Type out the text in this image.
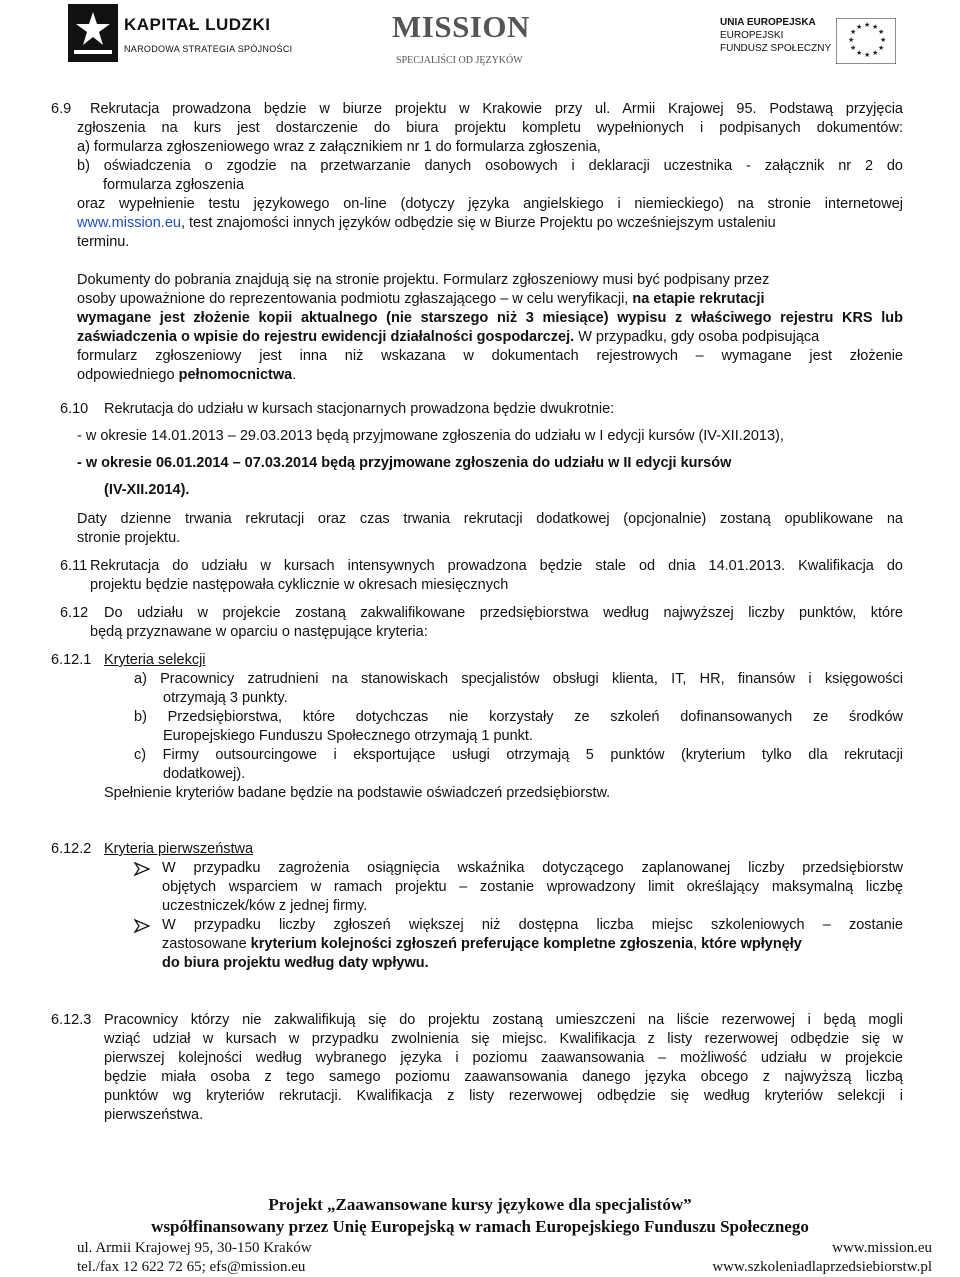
KAPITAŁ LUDZKI
NARODOWA STRATEGIA SPÓJNOŚCI
MISSION
SPECJALIŚCI OD JĘZYKÓW
UNIA EUROPEJSKA
EUROPEJSKI
FUNDUSZ SPOŁECZNY
★ ★
★
★
★
★
★
★
★
★
★
★
6.9 Rekrutacja prowadzona będzie w biurze projektu w Krakowie przy ul. Armii Krajowej 95. Podstawą przyjęcia
zgłoszenia na kurs jest dostarczenie do biura projektu kompletu wypełnionych i podpisanych dokumentów:
a) formularza zgłoszeniowego wraz z załącznikiem nr 1 do formularza zgłoszenia,
b) oświadczenia o zgodzie na przetwarzanie danych osobowych i deklaracji uczestnika - załącznik nr 2 do
formularza zgłoszenia
oraz wypełnienie testu językowego on-line (dotyczy języka angielskiego i niemieckiego) na stronie internetowej
www.mission.eu, test znajomości innych języków odbędzie się w Biurze Projektu po wcześniejszym ustaleniu
terminu.
Dokumenty do pobrania znajdują się na stronie projektu. Formularz zgłoszeniowy musi być podpisany przez
osoby upoważnione do reprezentowania podmiotu zgłaszającego – w celu weryfikacji, na etapie rekrutacji
wymagane jest złożenie kopii aktualnego (nie starszego niż 3 miesiące) wypisu z właściwego rejestru KRS lub
zaświadczenia o wpisie do rejestru ewidencji działalności gospodarczej. W przypadku, gdy osoba podpisująca
formularz zgłoszeniowy jest inna niż wskazana w dokumentach rejestrowych – wymagane jest złożenie
odpowiedniego pełnomocnictwa.
6.10 Rekrutacja do udziału w kursach stacjonarnych prowadzona będzie dwukrotnie:
- w okresie 14.01.2013 – 29.03.2013 będą przyjmowane zgłoszenia do udziału w I edycji kursów (IV-XII.2013),
- w okresie 06.01.2014 – 07.03.2014 będą przyjmowane zgłoszenia do udziału w II edycji kursów
(IV-XII.2014).
Daty dzienne trwania rekrutacji oraz czas trwania rekrutacji dodatkowej (opcjonalnie) zostaną opublikowane na
stronie projektu.
6.11 Rekrutacja do udziału w kursach intensywnych prowadzona będzie stale od dnia 14.01.2013. Kwalifikacja do
projektu będzie następowała cyklicznie w okresach miesięcznych
6.12 Do udziału w projekcie zostaną zakwalifikowane przedsiębiorstwa według najwyższej liczby punktów, które
będą przyznawane w oparciu o następujące kryteria:
6.12.1 Kryteria selekcji
a) Pracownicy zatrudnieni na stanowiskach specjalistów obsługi klienta, IT, HR, finansów i księgowości
otrzymają 3 punkty.
b) Przedsiębiorstwa, które dotychczas nie korzystały ze szkoleń dofinansowanych ze środków
Europejskiego Funduszu Społecznego otrzymają 1 punkt.
c) Firmy outsourcingowe i eksportujące usługi otrzymają 5 punktów (kryterium tylko dla rekrutacji
dodatkowej).
Spełnienie kryteriów badane będzie na podstawie oświadczeń przedsiębiorstw.
6.12.2 Kryteria pierwszeństwa
W przypadku zagrożenia osiągnięcia wskaźnika dotyczącego zaplanowanej liczby przedsiębiorstw
objętych wsparciem w ramach projektu – zostanie wprowadzony limit określający maksymalną liczbę
uczestniczek/ków z jednej firmy.
W przypadku liczby zgłoszeń większej niż dostępna liczba miejsc szkoleniowych – zostanie
zastosowane kryterium kolejności zgłoszeń preferujące kompletne zgłoszenia, które wpłynęły
do biura projektu według daty wpływu.
6.12.3 Pracownicy którzy nie zakwalifikują się do projektu zostaną umieszczeni na liście rezerwowej i będą mogli
wziąć udział w kursach w przypadku zwolnienia się miejsc. Kwalifikacja z listy rezerwowej odbędzie się w
pierwszej kolejności według wybranego języka i poziomu zaawansowania – możliwość udziału w projekcie
będzie miała osoba z tego samego poziomu zaawansowania danego języka obcego z najwyższą liczbą
punktów wg kryteriów rekrutacji. Kwalifikacja z listy rezerwowej odbędzie się według kryteriów selekcji i
pierwszeństwa.
Projekt „Zaawansowane kursy językowe dla specjalistów”
współfinansowany przez Unię Europejską w ramach Europejskiego Funduszu Społecznego
ul. Armii Krajowej 95, 30-150 Kraków	www.mission.eu
tel./fax 12 622 72 65; efs@mission.eu	www.szkoleniadlaprzedsiebiorstw.pl
